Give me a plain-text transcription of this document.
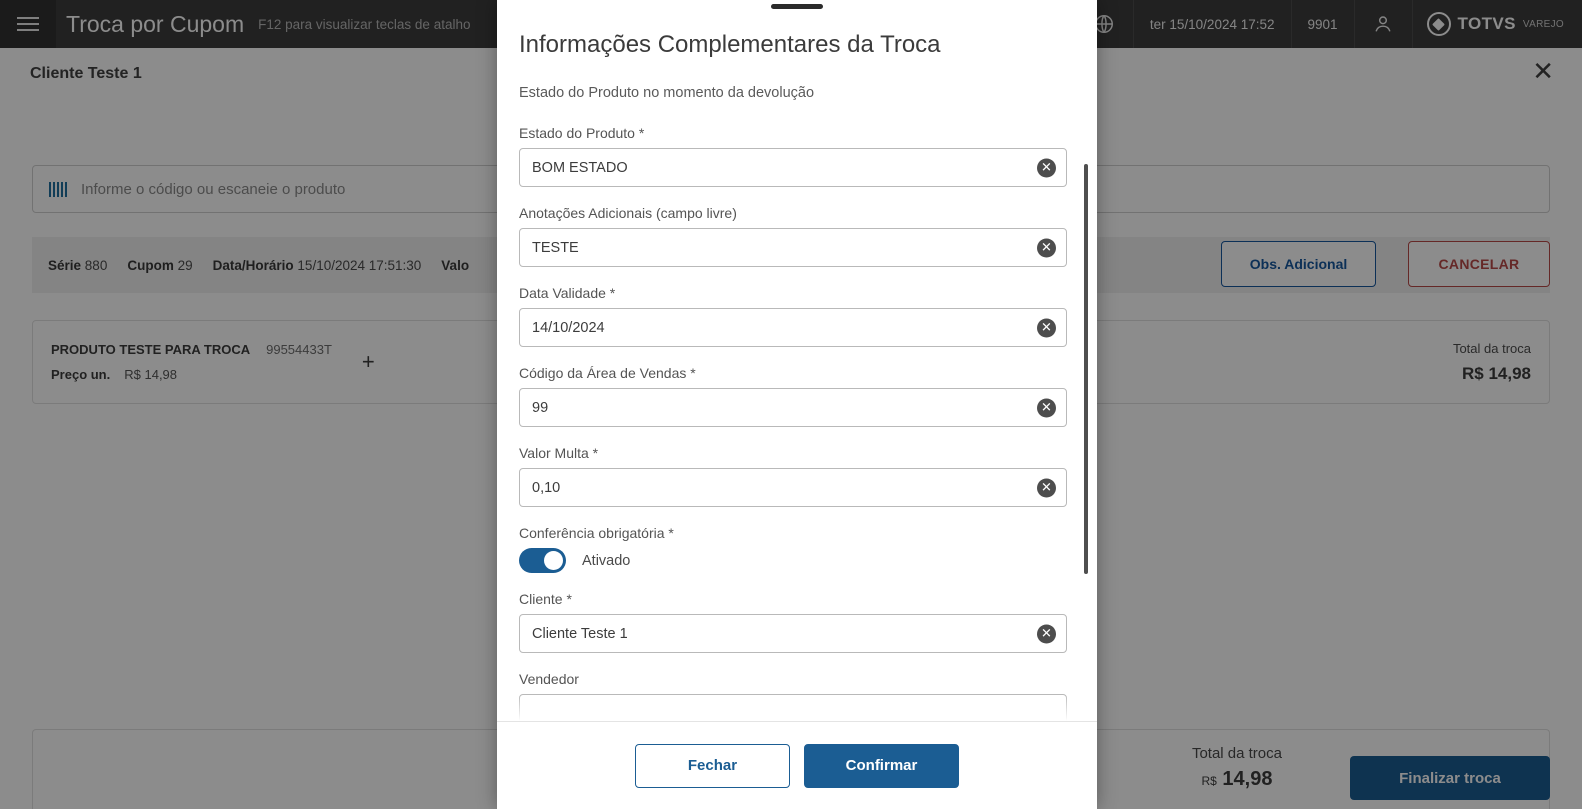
Troca por Cupom F12 para visualizar teclas de atalho	ter 15/10/2024 17:52	9901	TOTVS VAREJO
Cliente Teste 1	✕
Informe o código ou escaneie o produto
Série 880 Cupom 29 Data/Horário 15/10/2024 17:51:30 Valo	Obs. Adicional	CANCELAR
PRODUTO TESTE PARA TROCA 99554433T
Preço un. R$ 14,98
+
Total da troca
R$ 14,98
Total da troca
R$ 14,98	Finalizar troca
Informações Complementares da Troca
Estado do Produto no momento da devolução
Estado do Produto *
BOM ESTADO	✕
Anotações Adicionais (campo livre)
TESTE	✕
Data Validade *
14/10/2024	✕
Código da Área de Vendas *
99	✕
Valor Multa *
0,10	✕
Conferência obrigatória *
Ativado
Cliente *
Cliente Teste 1	✕
Vendedor
Fechar	Confirmar
